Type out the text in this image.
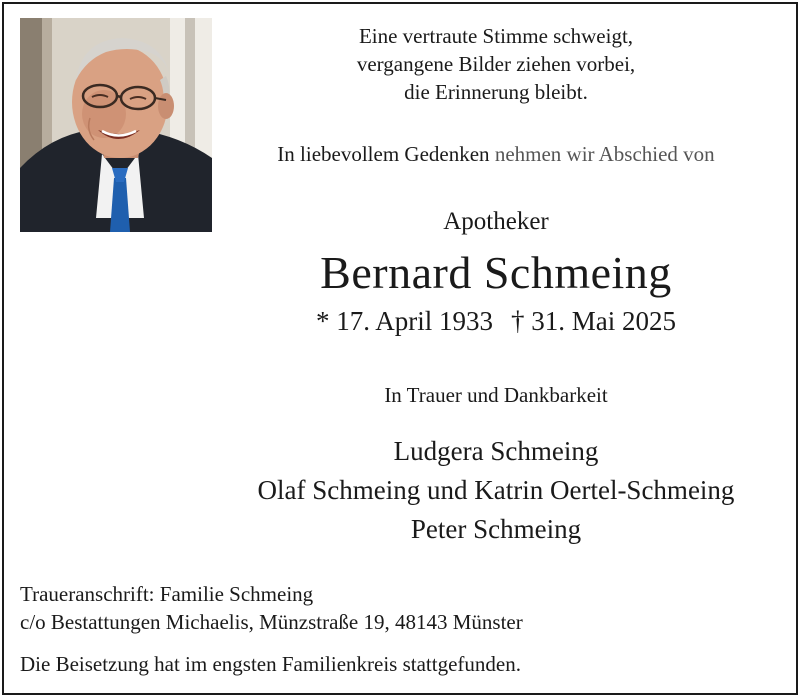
Eine vertraute Stimme schweigt,
vergangene Bilder ziehen vorbei,
die Erinnerung bleibt.
In liebevollem Gedenken nehmen wir Abschied von
Apotheker
Bernard Schmeing
* 17. April 1933 † 31. Mai 2025
In Trauer und Dankbarkeit
Ludgera Schmeing
Olaf Schmeing und Katrin Oertel-Schmeing
Peter Schmeing
Traueranschrift: Familie Schmeing
c/o Bestattungen Michaelis, Münzstraße 19, 48143 Münster
Die Beisetzung hat im engsten Familienkreis stattgefunden.
